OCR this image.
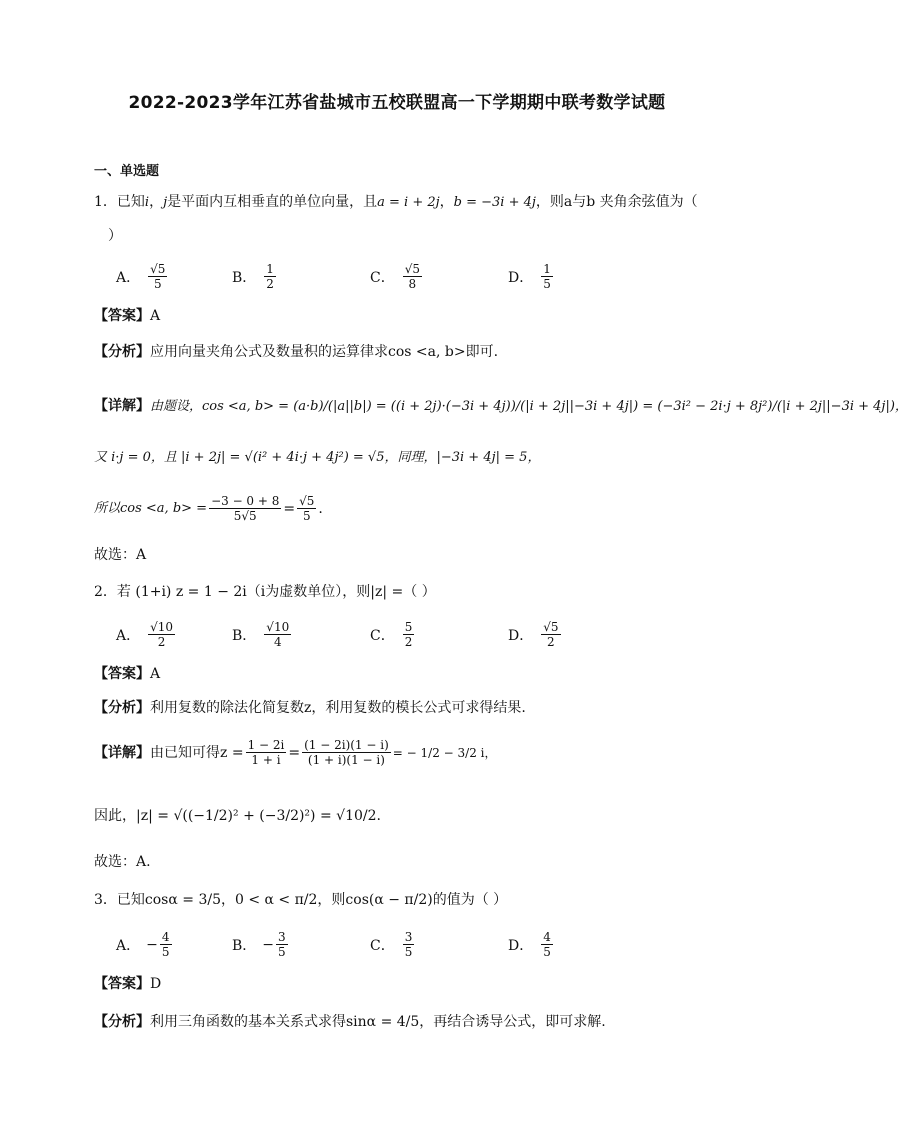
2022-2023学年江苏省盐城市五校联盟高一下学期期中联考数学试题
一、单选题
1．已知i，j是平面内互相垂直的单位向量，且a = i + 2j，b = −3i + 4j，则a与b 夹角余弦值为（
）
A． $\frac{√5}{5}$	B． $\frac{1}{2}$	C． $\frac{√5}{8}$	D． $\frac{1}{5}$
【答案】A
【分析】应用向量夹角公式及数量积的运算律求cos <a, b>即可.
【详解】由题设，cos <a, b> = (a·b)/(|a||b|) = ((i + 2j)·(−3i + 4j))/(|i + 2j||−3i + 4j|) = (−3i² − 2i·j + 8j²)/(|i + 2j||−3i + 4j|)，
又 i·j = 0，且 |i + 2j| = √(i² + 4i·j + 4j²) = √5，同理，|−3i + 4j| = 5，
所以cos <a, $b> = \frac{-3 - 0 + 8}{5√5} = \frac{√5}{5}$ .
故选：A
2．若 (1+i) z = 1 − 2i（i为虚数单位），则|z| =（ ）
A． $\frac{√10}{2}$	B． $\frac{√10}{4}$	C． $\frac{5}{2}$	D． $\frac{√5}{2}$
【答案】A
【分析】利用复数的除法化简复数z，利用复数的模长公式可求得结果.
【详解】 由已知可得$z = \frac{1 - 2i}{1 + i} = \frac{(1 - 2i)(1 - i)}{(1 + i)(1 - i)}$ = − 1/2 − 3/2 i，
因此，|z| = √((−1/2)² + (−3/2)²) = √10/2.
故选：A.
3．已知cosα = 3/5，0 < α < π/2，则cos(α − π/2)的值为（ ）
A． − $\frac{4}{5}$	B． − $\frac{3}{5}$	C． $\frac{3}{5}$	D． $\frac{4}{5}$
【答案】D
【分析】利用三角函数的基本关系式求得sinα = 4/5，再结合诱导公式，即可求解.
